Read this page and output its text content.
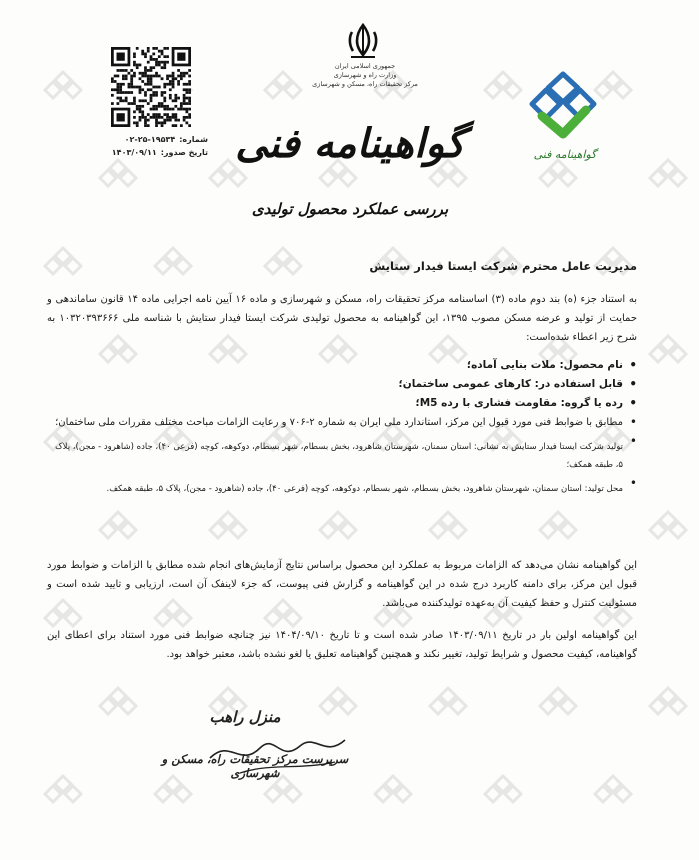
جمهوری اسلامی ایران
وزارت راه و شهرسازی
مرکز تحقیقات راه، مسکن و شهرسازی
شماره:
۰۲-۲۵-۱۹۵۳۴
تاریخ صدور:
۱۴۰۳/۰۹/۱۱	گواهینامه فنی
گواهینامه فنی
بررسی عملکرد محصول تولیدی
مدیریت عامل محترم شرکت ایستا فیدار ستایش
به استناد جزء (ه) بند دوم ماده (۳) اساسنامه مرکز تحقیقات راه، مسکن و شهرسازی و ماده ۱۶ آیین نامه اجرایی ماده ۱۴ قانون ساماندهی و حمایت از تولید و عرضه مسکن مصوب ۱۳۹۵، این گواهینامه به محصول تولیدی شرکت ایستا فیدار ستایش با شناسه ملی ۱۰۳۲۰۳۹۳۶۶۶ به شرح زیر اعطاء شده‌است:
• نام محصول: ملات بنایی آماده؛
• قابل استفاده در: کارهای عمومی ساختمان؛
• رده یا گروه: مقاومت فشاری با رده M5؛
• مطابق با ضوابط فنی مورد قبول این مرکز، استاندارد ملی ایران به شماره ۲-۷۰۶ و رعایت الزامات مباحث مختلف مقررات ملی ساختمان؛
• تولید شرکت ایستا فیدار ستایش به نشانی: استان سمنان، شهرستان شاهرود، بخش بسطام، شهر بسطام، دوکوهه، کوچه (فرعی ۴۰)، جاده (شاهرود - مجن)، پلاک ۵، طبقه همکف؛
• محل تولید: استان سمنان، شهرستان شاهرود، بخش بسطام، شهر بسطام، دوکوهه، کوچه (فرعی ۴۰)، جاده (شاهرود - مجن)، پلاک ۵، طبقه همکف.
این گواهینامه نشان می‌دهد که الزامات مربوط به عملکرد این محصول براساس نتایج آزمایش‌های انجام شده مطابق با الزامات و ضوابط مورد قبول این مرکز، برای دامنه کاربرد درج شده در این گواهینامه و گزارش فنی پیوست، که جزء لاینفک آن است، ارزیابی و تایید شده است و مسئولیت کنترل و حفظ کیفیت آن به‌عهده تولیدکننده می‌باشد.
این گواهینامه اولین بار در تاریخ ۱۴۰۳/۰۹/۱۱ صادر شده است و تا تاریخ ۱۴۰۴/۰۹/۱۰ نیز چنانچه ضوابط فنی مورد استناد برای اعطای این گواهینامه، کیفیت محصول و شرایط تولید، تغییر نکند و همچنین گواهینامه تعلیق یا لغو نشده باشد، معتبر خواهد بود.
منزل راهب
سرپرست مرکز تحقیقات راه، مسکن و شهرسازی
